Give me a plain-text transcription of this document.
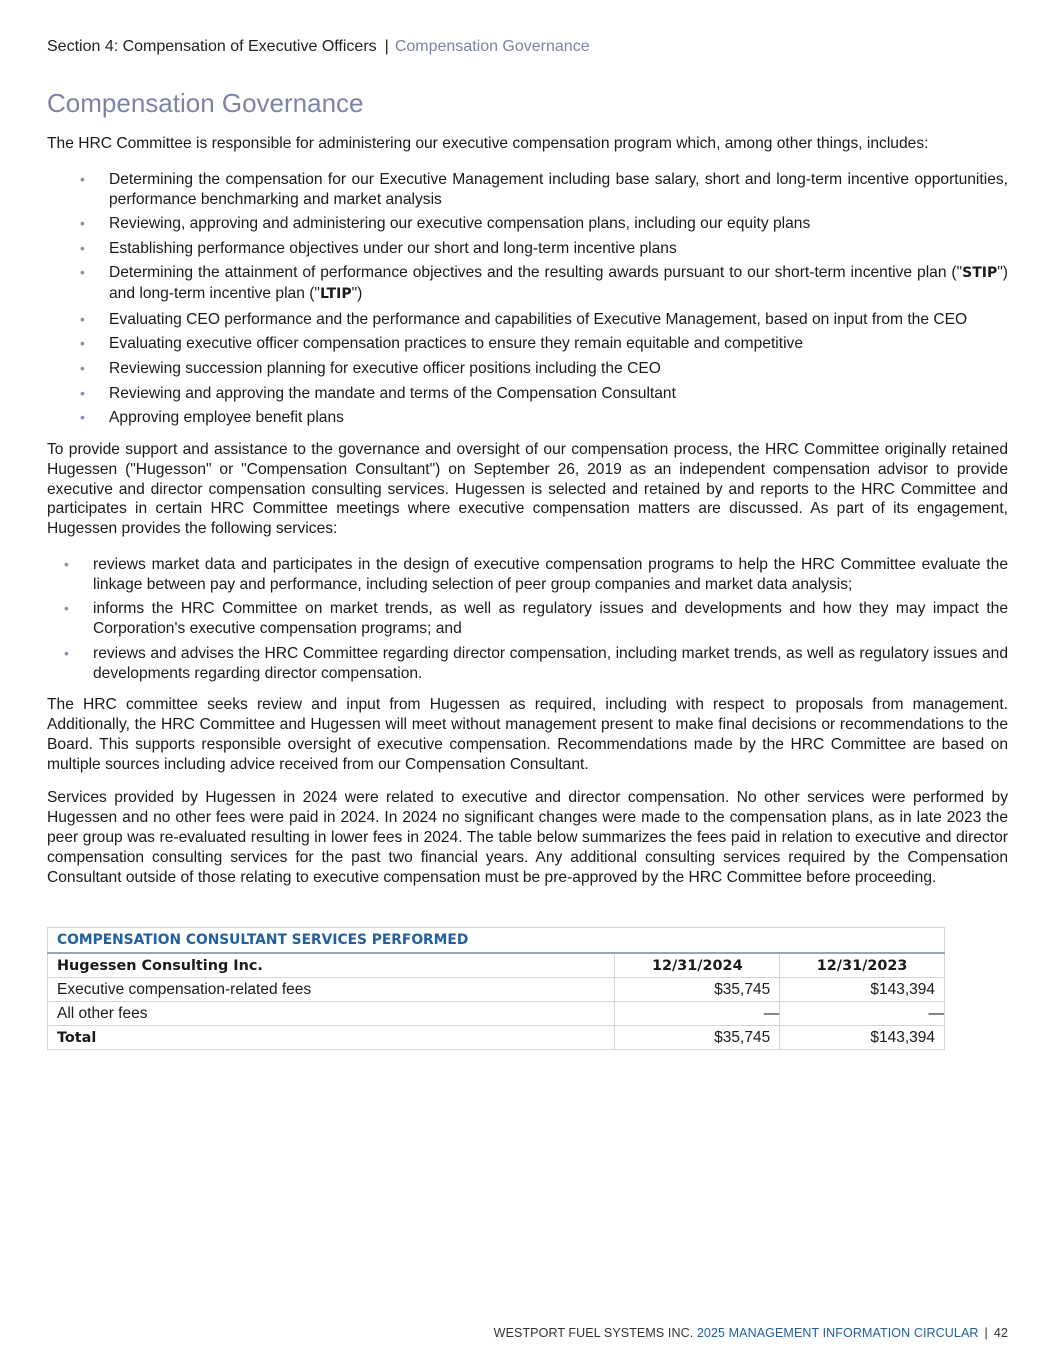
Section 4: Compensation of Executive Officers | Compensation Governance
Compensation Governance

The HRC Committee is responsible for administering our executive compensation program which, among other things, includes:

• Determining the compensation for our Executive Management including base salary, short and long-term incentive opportunities, performance benchmarking and market analysis
• Reviewing, approving and administering our executive compensation plans, including our equity plans
• Establishing performance objectives under our short and long-term incentive plans
• Determining the attainment of performance objectives and the resulting awards pursuant to our short-term incentive plan ("STIP") and long-term incentive plan ("LTIP")
• Evaluating CEO performance and the performance and capabilities of Executive Management, based on input from the CEO
• Evaluating executive officer compensation practices to ensure they remain equitable and competitive
• Reviewing succession planning for executive officer positions including the CEO
• Reviewing and approving the mandate and terms of the Compensation Consultant
• Approving employee benefit plans

To provide support and assistance to the governance and oversight of our compensation process, the HRC Committee originally retained Hugessen ("Hugesson" or "Compensation Consultant") on September 26, 2019 as an independent compensation advisor to provide executive and director compensation consulting services. Hugessen is selected and retained by and reports to the HRC Committee and participates in certain HRC Committee meetings where executive compensation matters are discussed. As part of its engagement, Hugessen provides the following services:

• reviews market data and participates in the design of executive compensation programs to help the HRC Committee evaluate the linkage between pay and performance, including selection of peer group companies and market data analysis;
• informs the HRC Committee on market trends, as well as regulatory issues and developments and how they may impact the Corporation's executive compensation programs; and
• reviews and advises the HRC Committee regarding director compensation, including market trends, as well as regulatory issues and developments regarding director compensation.

The HRC committee seeks review and input from Hugessen as required, including with respect to proposals from management. Additionally, the HRC Committee and Hugessen will meet without management present to make final decisions or recommendations to the Board. This supports responsible oversight of executive compensation. Recommendations made by the HRC Committee are based on multiple sources including advice received from our Compensation Consultant.

Services provided by Hugessen in 2024 were related to executive and director compensation. No other services were performed by Hugessen and no other fees were paid in 2024. In 2024 no significant changes were made to the compensation plans, as in late 2023 the peer group was re-evaluated resulting in lower fees in 2024. The table below summarizes the fees paid in relation to executive and director compensation consulting services for the past two financial years. Any additional consulting services required by the Compensation Consultant outside of those relating to executive compensation must be pre-approved by the HRC Committee before proceeding.

COMPENSATION CONSULTANT SERVICES PERFORMED		
Hugessen Consulting Inc.	12/31/2024	12/31/2023
Executive compensation-related fees	$35,745	$143,394
All other fees	—	—
Total	$35,745	$143,394
WESTPORT FUEL SYSTEMS INC. 2025 MANAGEMENT INFORMATION CIRCULAR | 42
